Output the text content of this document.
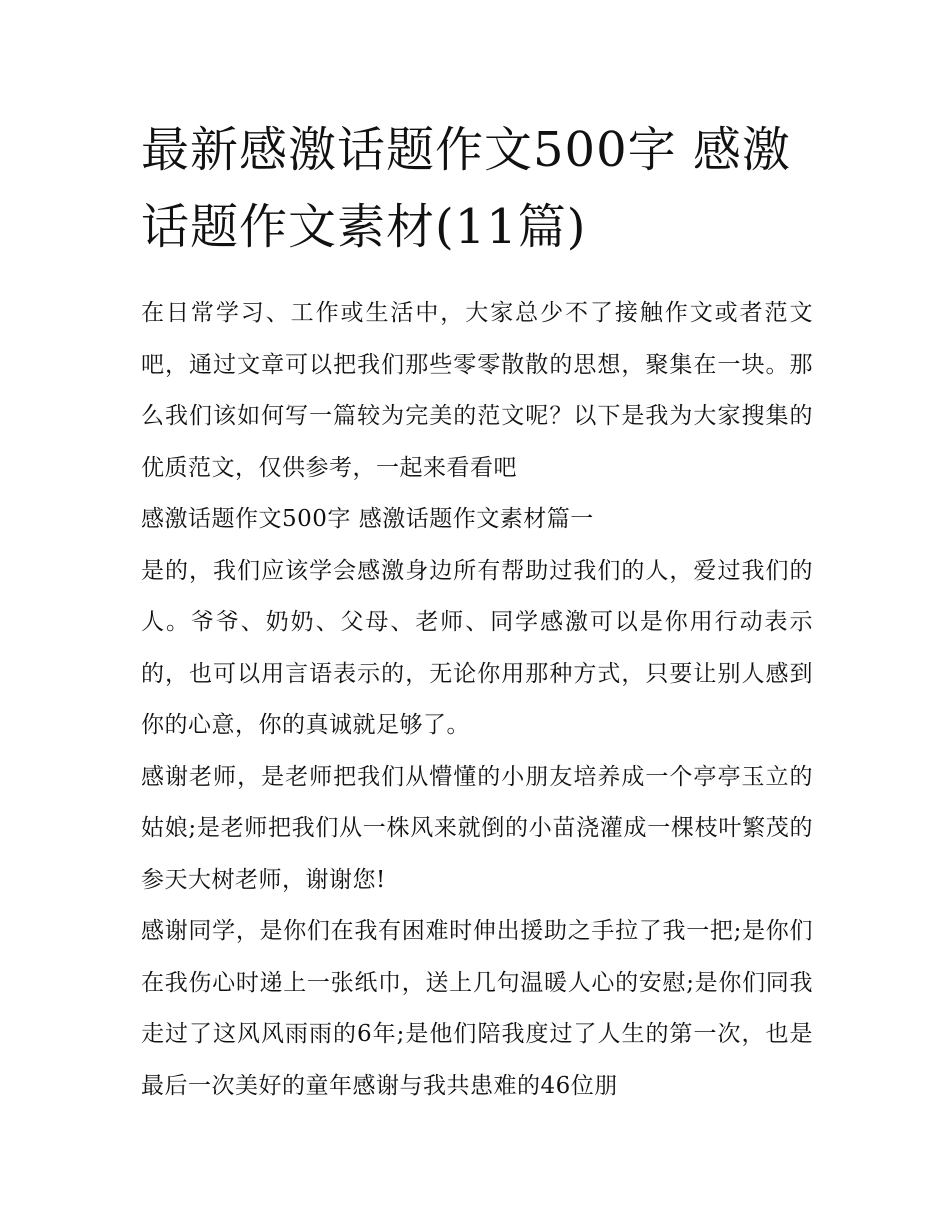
最新感激话题作文500字 感激话题作文素材(11篇)

在日常学习、工作或生活中，大家总少不了接触作文或者范文吧，通过文章可以把我们那些零零散散的思想，聚集在一块。那么我们该如何写一篇较为完美的范文呢？以下是我为大家搜集的优质范文，仅供参考，一起来看看吧

感激话题作文500字 感激话题作文素材篇一

是的，我们应该学会感激身边所有帮助过我们的人，爱过我们的人。爷爷、奶奶、父母、老师、同学感激可以是你用行动表示的，也可以用言语表示的，无论你用那种方式，只要让别人感到你的心意，你的真诚就足够了。

感谢老师，是老师把我们从懵懂的小朋友培养成一个亭亭玉立的姑娘;是老师把我们从一株风来就倒的小苗浇灌成一棵枝叶繁茂的参天大树老师，谢谢您!

感谢同学，是你们在我有困难时伸出援助之手拉了我一把;是你们在我伤心时递上一张纸巾，送上几句温暖人心的安慰;是你们同我走过了这风风雨雨的6年;是他们陪我度过了人生的第一次，也是最后一次美好的童年感谢与我共患难的46位朋
